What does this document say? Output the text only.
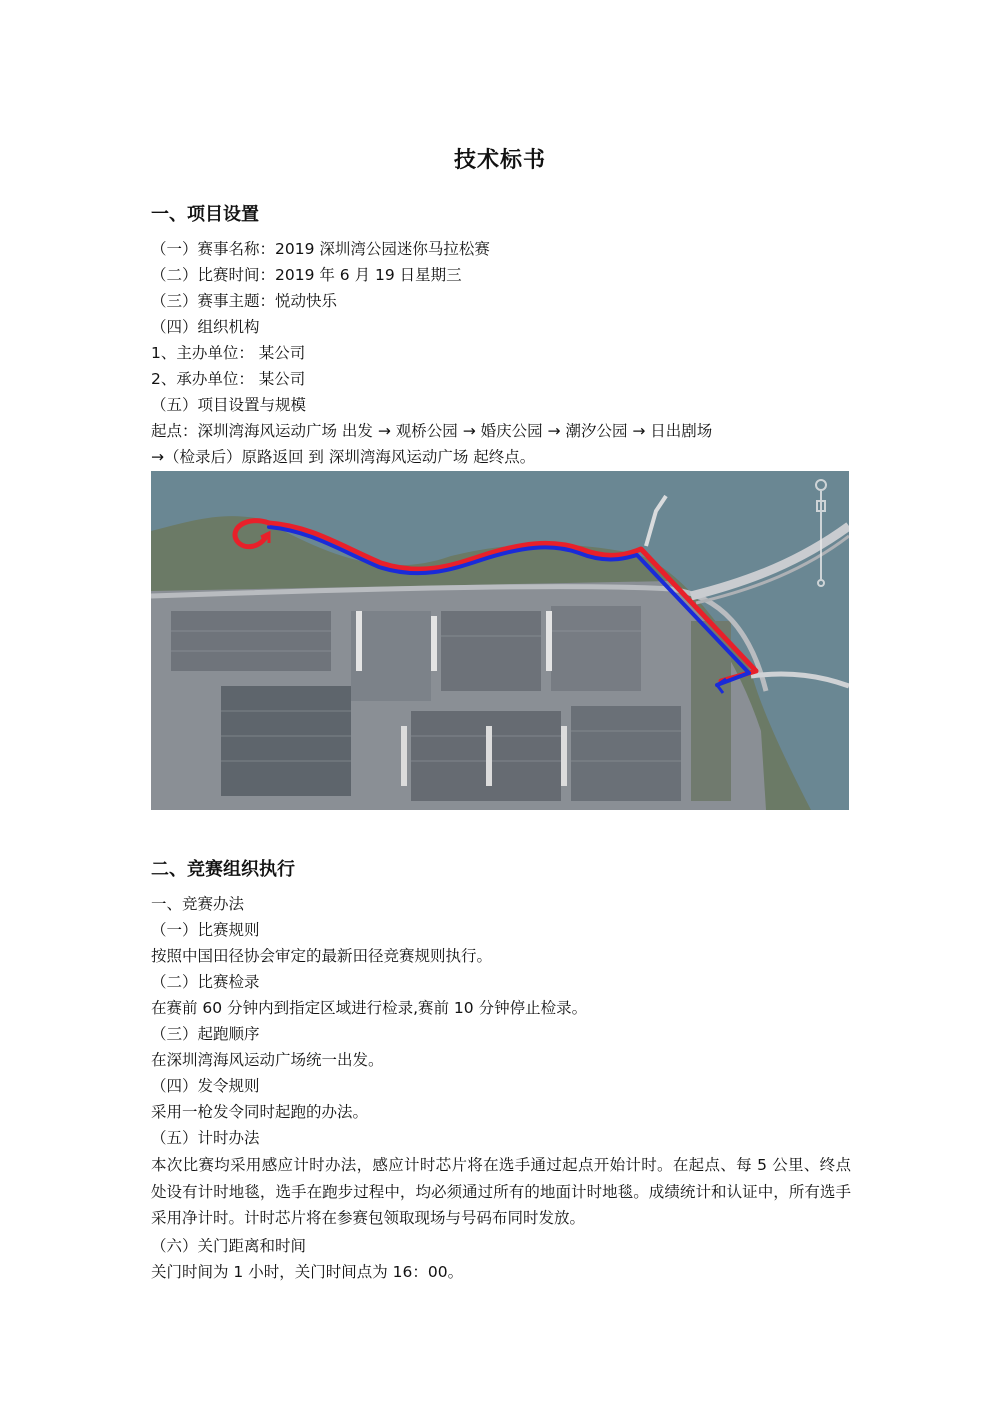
技术标书
一、项目设置
（一）赛事名称：2019 深圳湾公园迷你马拉松赛
（二）比赛时间：2019 年 6 月 19 日星期三
（三）赛事主题：悦动快乐
（四）组织机构
1、主办单位： 某公司
2、承办单位： 某公司
（五）项目设置与规模
起点：深圳湾海风运动广场 出发 → 观桥公园 → 婚庆公园 → 潮汐公园 → 日出剧场
→（检录后）原路返回 到 深圳湾海风运动广场 起终点。
二、竞赛组织执行
一、竞赛办法
（一）比赛规则
按照中国田径协会审定的最新田径竞赛规则执行。
（二）比赛检录
在赛前 60 分钟内到指定区域进行检录,赛前 10 分钟停止检录。
（三）起跑顺序
在深圳湾海风运动广场统一出发。
（四）发令规则
采用一枪发令同时起跑的办法。
（五）计时办法
本次比赛均采用感应计时办法，感应计时芯片将在选手通过起点开始计时。在起点、每 5 公里、终点处设有计时地毯，选手在跑步过程中，均必须通过所有的地面计时地毯。成绩统计和认证中，所有选手采用净计时。计时芯片将在参赛包领取现场与号码布同时发放。
（六）关门距离和时间
关门时间为 1 小时，关门时间点为 16：00。
